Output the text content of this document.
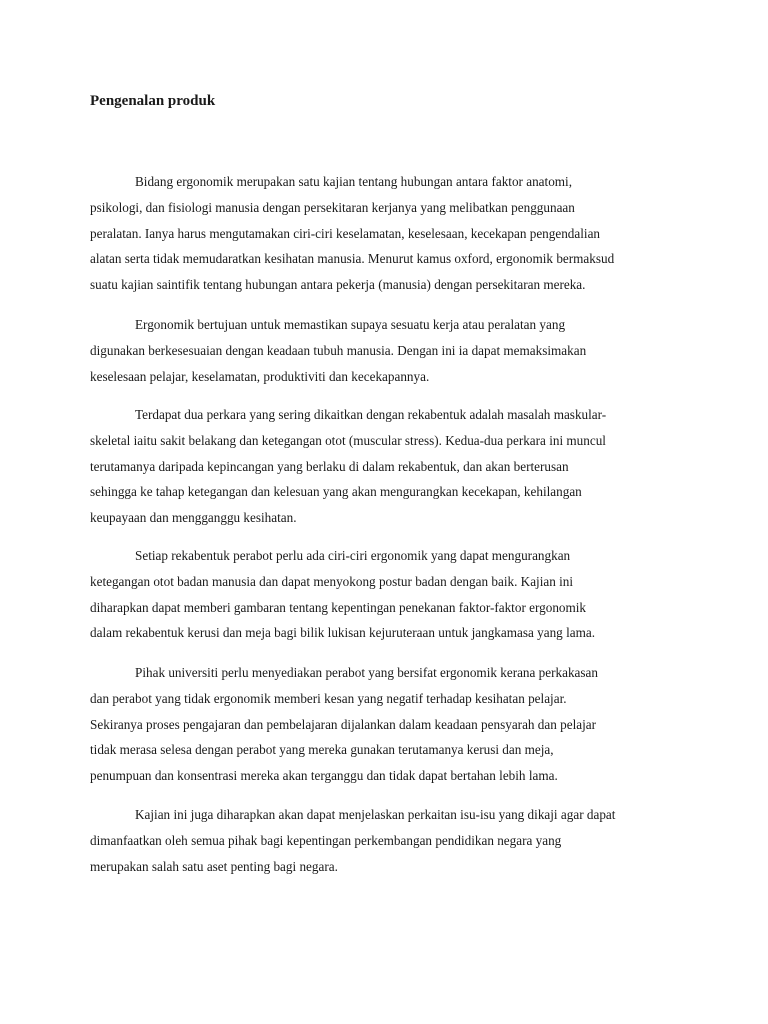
Pengenalan produk

Bidang ergonomik merupakan satu kajian tentang hubungan antara faktor anatomi,
psikologi, dan fisiologi manusia dengan persekitaran kerjanya yang melibatkan penggunaan
peralatan. Ianya harus mengutamakan ciri-ciri keselamatan, keselesaan, kecekapan pengendalian
alatan serta tidak memudaratkan kesihatan manusia. Menurut kamus oxford, ergonomik bermaksud
suatu kajian saintifik tentang hubungan antara pekerja (manusia) dengan persekitaran mereka.

Ergonomik bertujuan untuk memastikan supaya sesuatu kerja atau peralatan yang
digunakan berkesesuaian dengan keadaan tubuh manusia. Dengan ini ia dapat memaksimakan
keselesaan pelajar, keselamatan, produktiviti dan kecekapannya.

Terdapat dua perkara yang sering dikaitkan dengan rekabentuk adalah masalah maskular-
skeletal iaitu sakit belakang dan ketegangan otot (muscular stress). Kedua-dua perkara ini muncul
terutamanya daripada kepincangan yang berlaku di dalam rekabentuk, dan akan berterusan
sehingga ke tahap ketegangan dan kelesuan yang akan mengurangkan kecekapan, kehilangan
keupayaan dan mengganggu kesihatan.

Setiap rekabentuk perabot perlu ada ciri-ciri ergonomik yang dapat mengurangkan
ketegangan otot badan manusia dan dapat menyokong postur badan dengan baik. Kajian ini
diharapkan dapat memberi gambaran tentang kepentingan penekanan faktor-faktor ergonomik
dalam rekabentuk kerusi dan meja bagi bilik lukisan kejuruteraan untuk jangkamasa yang lama.

Pihak universiti perlu menyediakan perabot yang bersifat ergonomik kerana perkakasan
dan perabot yang tidak ergonomik memberi kesan yang negatif terhadap kesihatan pelajar.
Sekiranya proses pengajaran dan pembelajaran dijalankan dalam keadaan pensyarah dan pelajar
tidak merasa selesa dengan perabot yang mereka gunakan terutamanya kerusi dan meja,
penumpuan dan konsentrasi mereka akan terganggu dan tidak dapat bertahan lebih lama.

Kajian ini juga diharapkan akan dapat menjelaskan perkaitan isu-isu yang dikaji agar dapat
dimanfaatkan oleh semua pihak bagi kepentingan perkembangan pendidikan negara yang
merupakan salah satu aset penting bagi negara.
